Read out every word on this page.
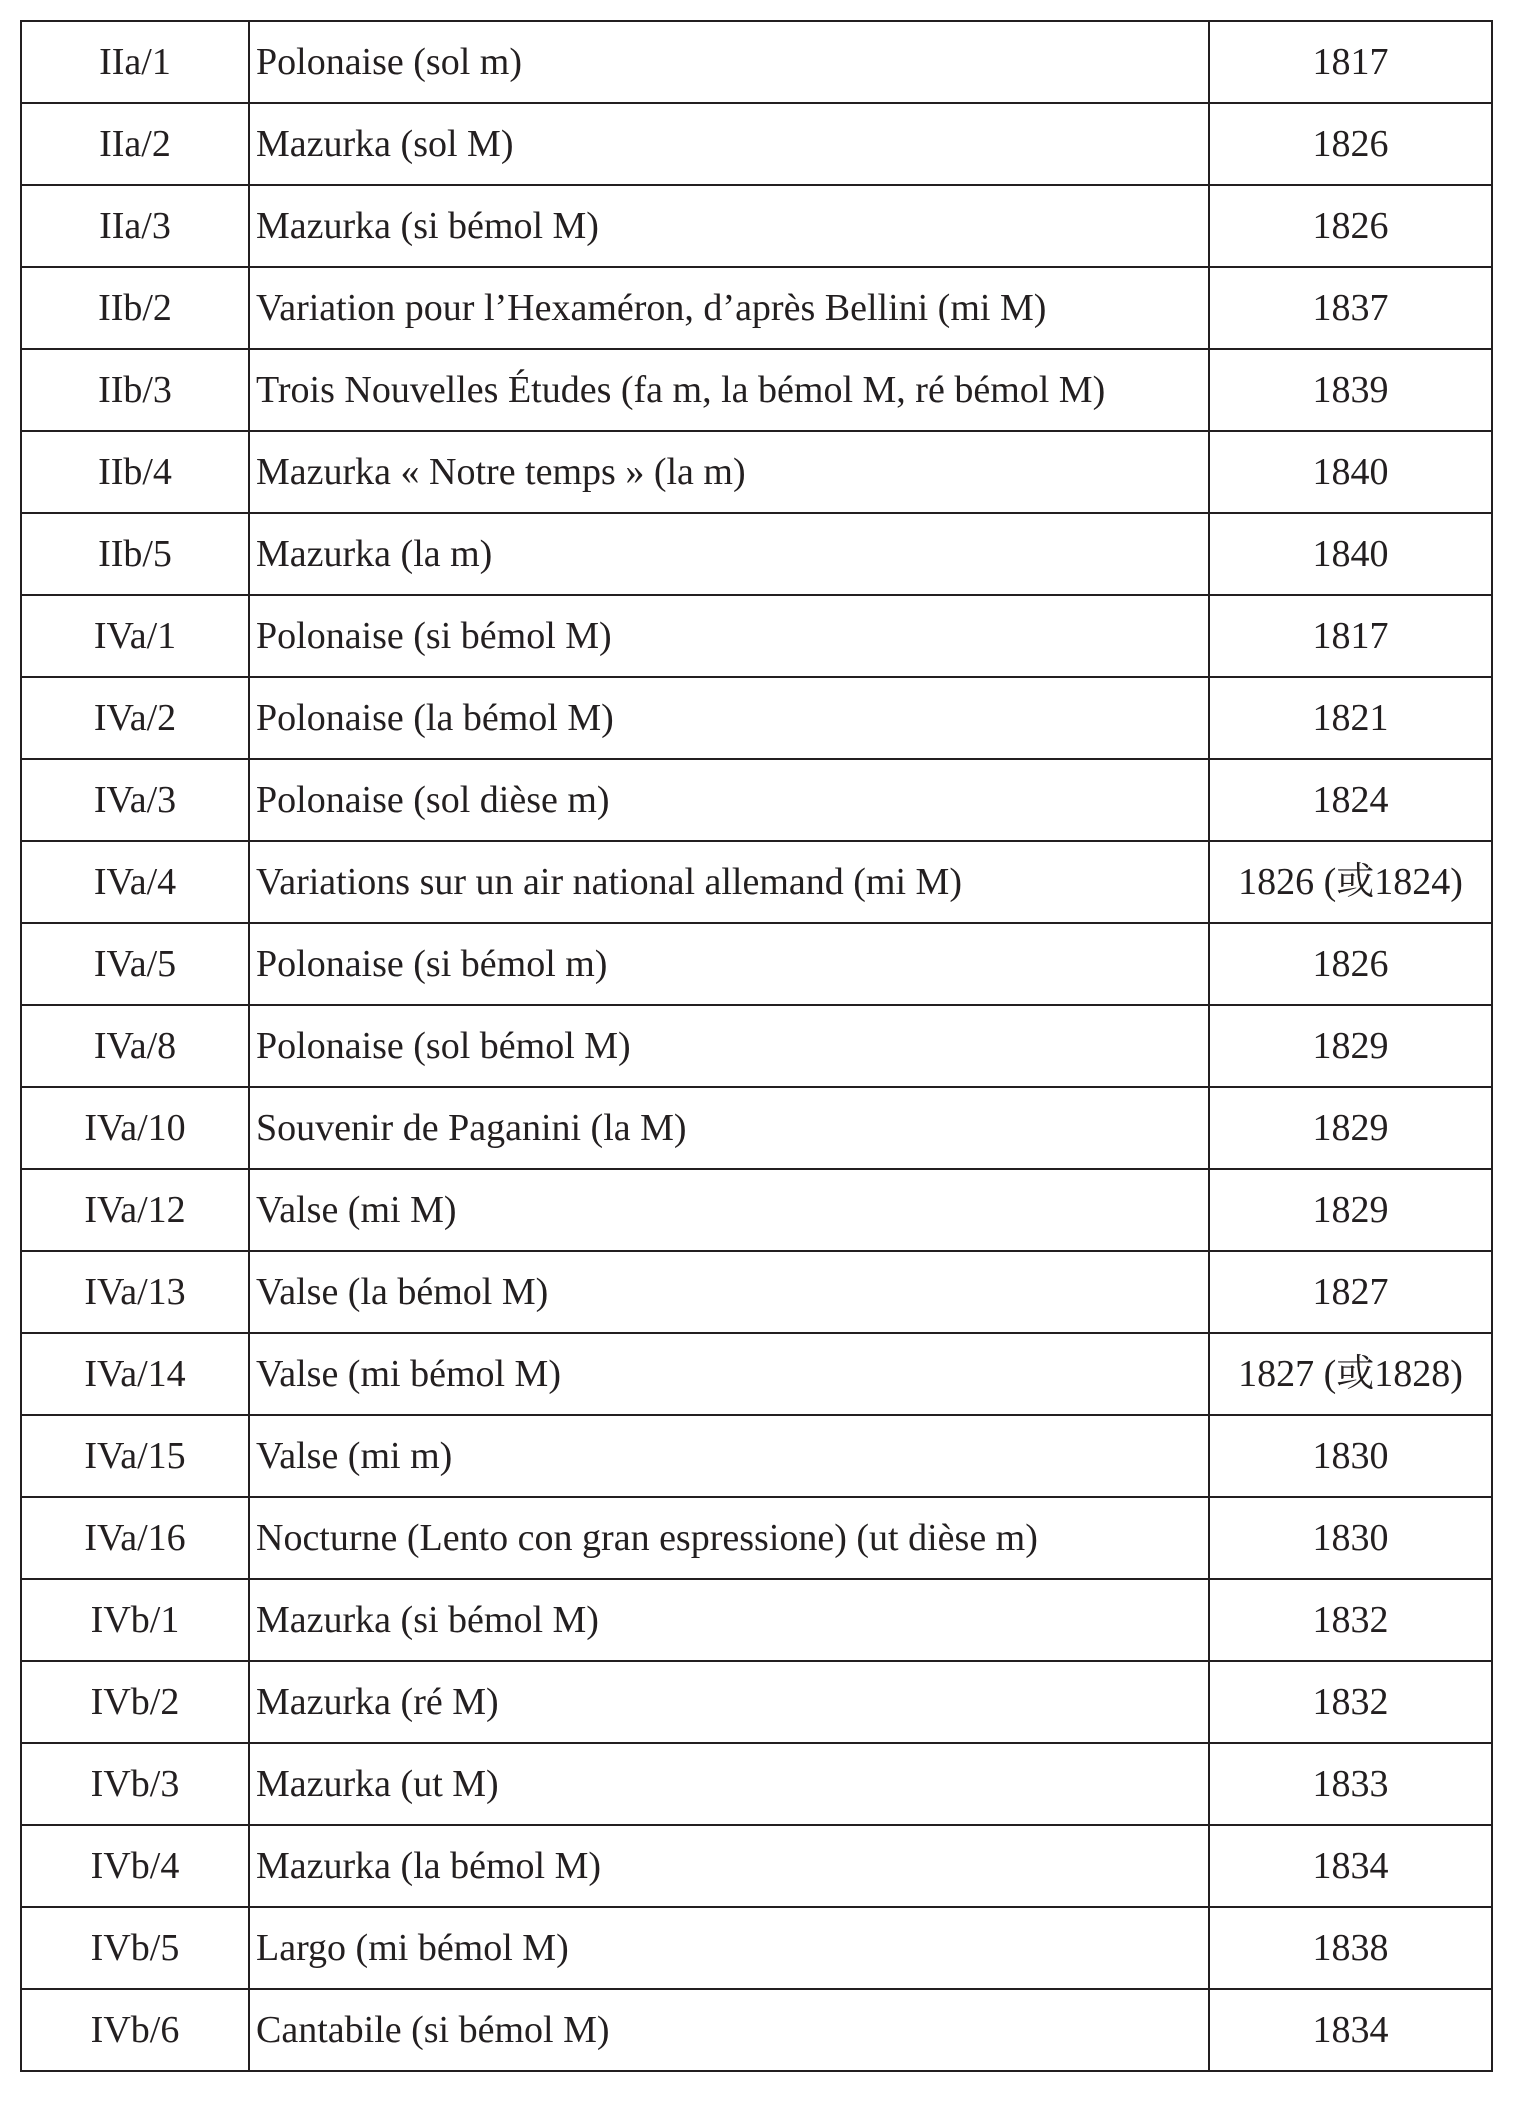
IIa/1	Polonaise (sol m)	1817
IIa/2	Mazurka (sol M)	1826
IIa/3	Mazurka (si bémol M)	1826
IIb/2	Variation pour l’Hexaméron, d’après Bellini (mi M)	1837
IIb/3	Trois Nouvelles Études (fa m, la bémol M, ré bémol M)	1839
IIb/4	Mazurka « Notre temps » (la m)	1840
IIb/5	Mazurka (la m)	1840
IVa/1	Polonaise (si bémol M)	1817
IVa/2	Polonaise (la bémol M)	1821
IVa/3	Polonaise (sol dièse m)	1824
IVa/4	Variations sur un air national allemand (mi M)	1826 (或1824)
IVa/5	Polonaise (si bémol m)	1826
IVa/8	Polonaise (sol bémol M)	1829
IVa/10	Souvenir de Paganini (la M)	1829
IVa/12	Valse (mi M)	1829
IVa/13	Valse (la bémol M)	1827
IVa/14	Valse (mi bémol M)	1827 (或1828)
IVa/15	Valse (mi m)	1830
IVa/16	Nocturne (Lento con gran espressione) (ut dièse m)	1830
IVb/1	Mazurka (si bémol M)	1832
IVb/2	Mazurka (ré M)	1832
IVb/3	Mazurka (ut M)	1833
IVb/4	Mazurka (la bémol M)	1834
IVb/5	Largo (mi bémol M)	1838
IVb/6	Cantabile (si bémol M)	1834
